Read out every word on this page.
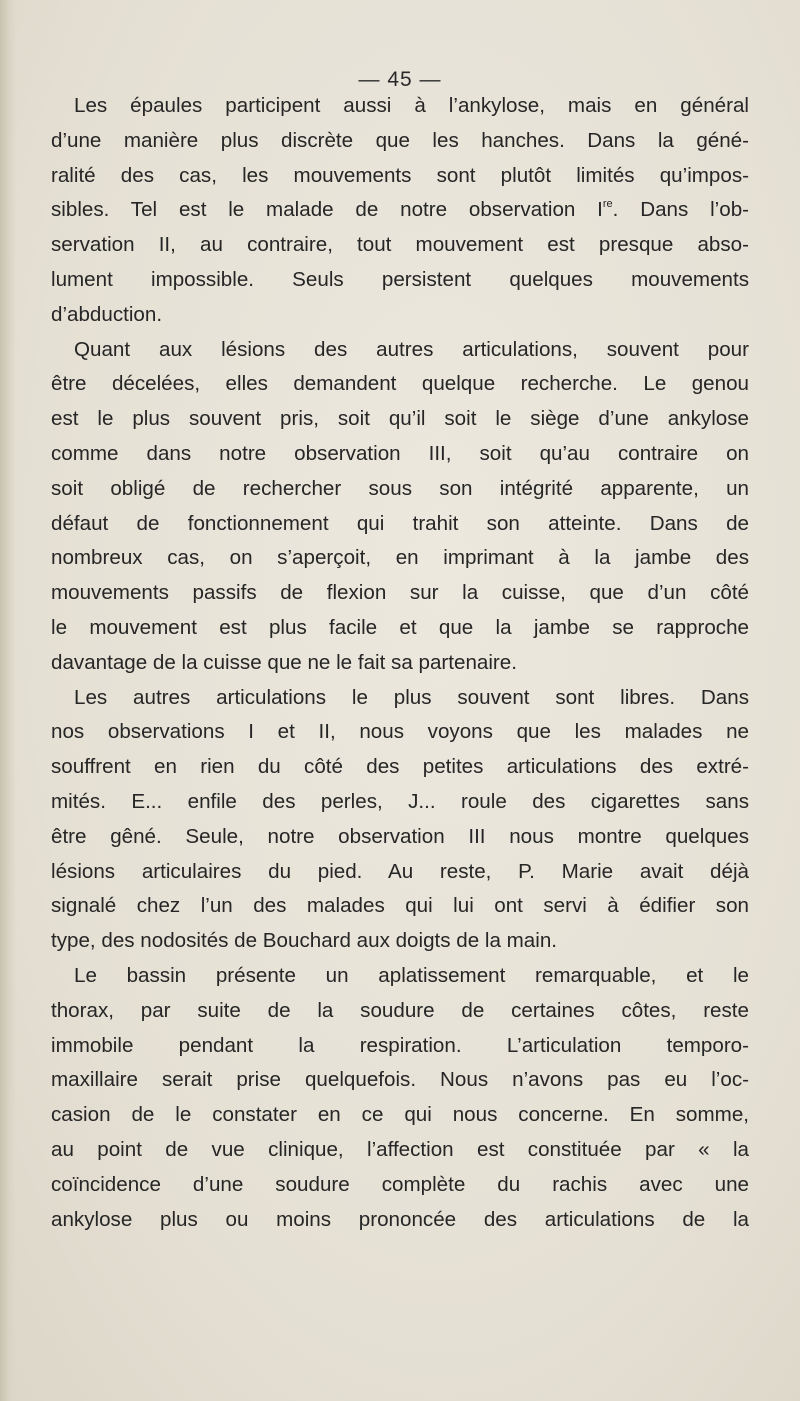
— 45 —
Les épaules participent aussi à l’ankylose, mais en général
d’une manière plus discrète que les hanches. Dans la géné-
ralité des cas, les mouvements sont plutôt limités qu’impos-
sibles. Tel est le malade de notre observation Ire. Dans l’ob-
servation II, au contraire, tout mouvement est presque abso-
lument impossible. Seuls persistent quelques mouvements
d’abduction.
Quant aux lésions des autres articulations, souvent pour
être décelées, elles demandent quelque recherche. Le genou
est le plus souvent pris, soit qu’il soit le siège d’une ankylose
comme dans notre observation III, soit qu’au contraire on
soit obligé de rechercher sous son intégrité apparente, un
défaut de fonctionnement qui trahit son atteinte. Dans de
nombreux cas, on s’aperçoit, en imprimant à la jambe des
mouvements passifs de flexion sur la cuisse, que d’un côté
le mouvement est plus facile et que la jambe se rapproche
davantage de la cuisse que ne le fait sa partenaire.
Les autres articulations le plus souvent sont libres. Dans
nos observations I et II, nous voyons que les malades ne
souffrent en rien du côté des petites articulations des extré-
mités. E... enfile des perles, J... roule des cigarettes sans
être gêné. Seule, notre observation III nous montre quelques
lésions articulaires du pied. Au reste, P. Marie avait déjà
signalé chez l’un des malades qui lui ont servi à édifier son
type, des nodosités de Bouchard aux doigts de la main.
Le bassin présente un aplatissement remarquable, et le
thorax, par suite de la soudure de certaines côtes, reste
immobile pendant la respiration. L’articulation temporo-
maxillaire serait prise quelquefois. Nous n’avons pas eu l’oc-
casion de le constater en ce qui nous concerne. En somme,
au point de vue clinique, l’affection est constituée par « la
coïncidence d’une soudure complète du rachis avec une
ankylose plus ou moins prononcée des articulations de la
